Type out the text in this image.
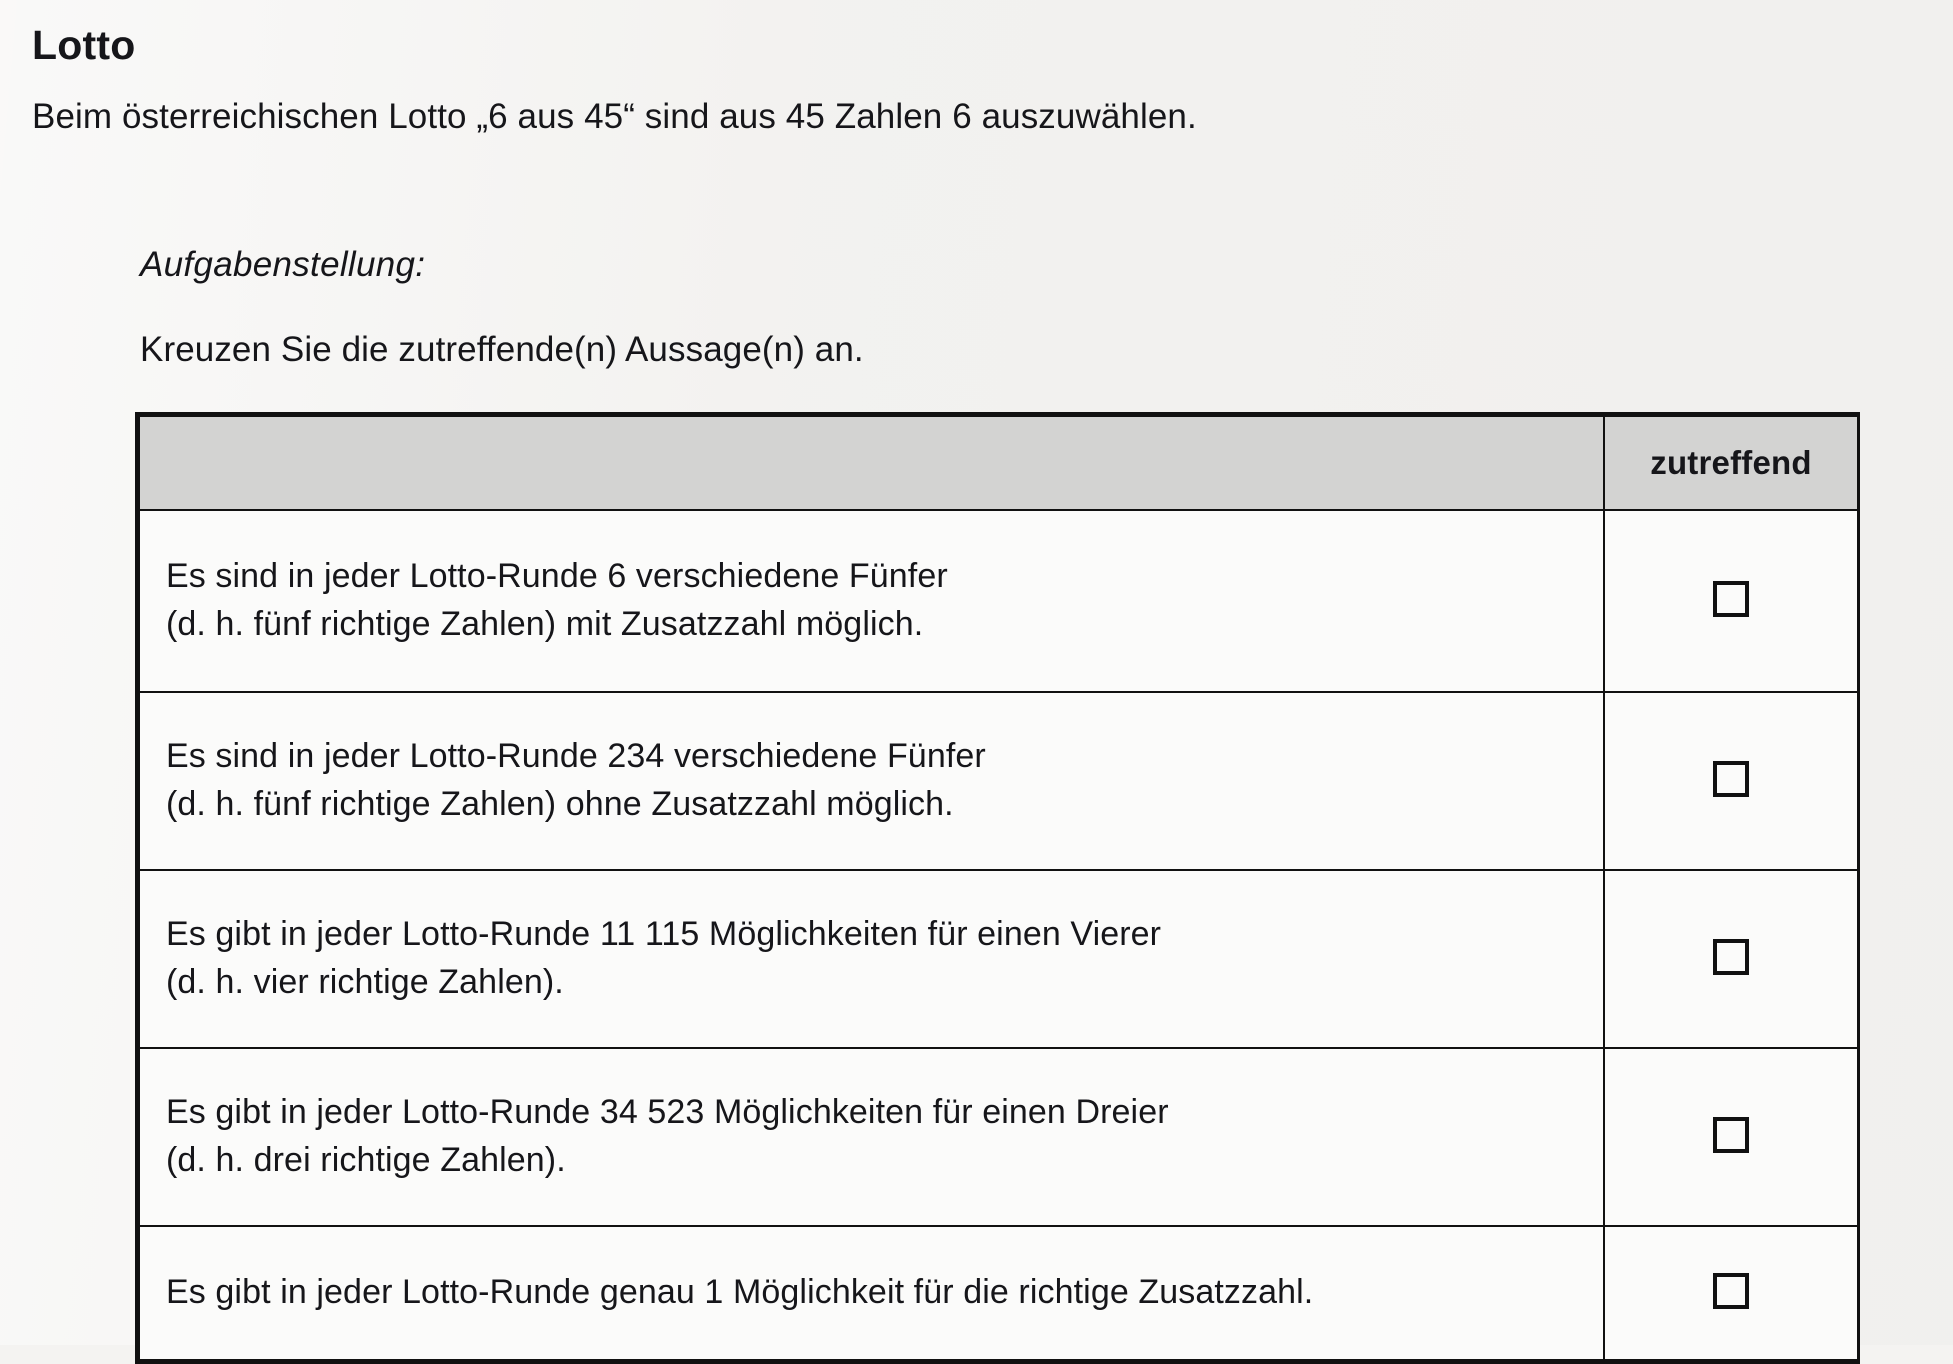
Lotto

Beim österreichischen Lotto „6 aus 45“ sind aus 45 Zahlen 6 auszuwählen.

Aufgabenstellung:

Kreuzen Sie die zutreffende(n) Aussage(n) an.

	zutreffend

Es sind in jeder Lotto-Runde 6 verschiedene Fünfer
(d. h. fünf richtige Zahlen) mit Zusatzzahl möglich.	

Es sind in jeder Lotto-Runde 234 verschiedene Fünfer
(d. h. fünf richtige Zahlen) ohne Zusatzzahl möglich.	

Es gibt in jeder Lotto-Runde 11 115 Möglichkeiten für einen Vierer
(d. h. vier richtige Zahlen).	

Es gibt in jeder Lotto-Runde 34 523 Möglichkeiten für einen Dreier
(d. h. drei richtige Zahlen).	

Es gibt in jeder Lotto-Runde genau 1 Möglichkeit für die richtige Zusatzzahl.	
